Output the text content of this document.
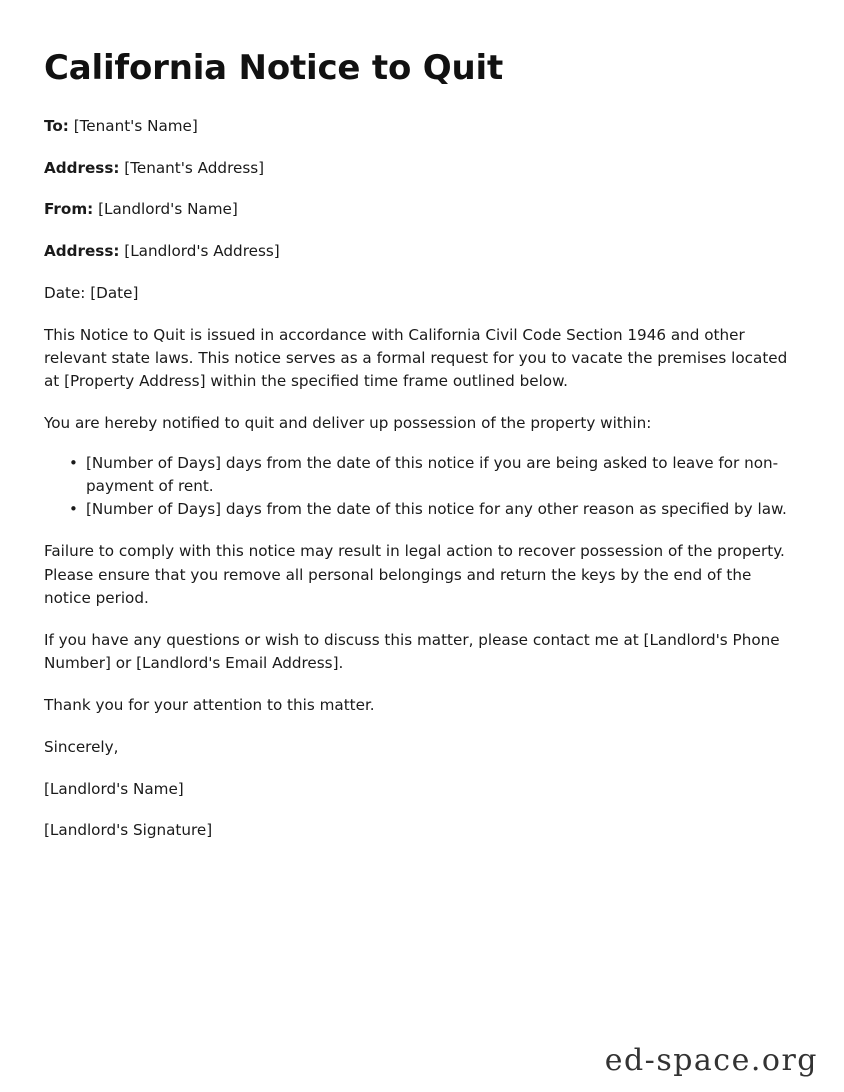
California Notice to Quit

To: [Tenant's Name]

Address: [Tenant's Address]

From: [Landlord's Name]

Address: [Landlord's Address]

Date: [Date]

This Notice to Quit is issued in accordance with California Civil Code Section 1946 and other relevant state laws. This notice serves as a formal request for you to vacate the premises located at [Property Address] within the specified time frame outlined below.

You are hereby notified to quit and deliver up possession of the property within:

• [Number of Days] days from the date of this notice if you are being asked to leave for non-payment of rent.
• [Number of Days] days from the date of this notice for any other reason as specified by law.

Failure to comply with this notice may result in legal action to recover possession of the property. Please ensure that you remove all personal belongings and return the keys by the end of the notice period.

If you have any questions or wish to discuss this matter, please contact me at [Landlord's Phone Number] or [Landlord's Email Address].

Thank you for your attention to this matter.

Sincerely,

[Landlord's Name]

[Landlord's Signature]

ed-space.org
